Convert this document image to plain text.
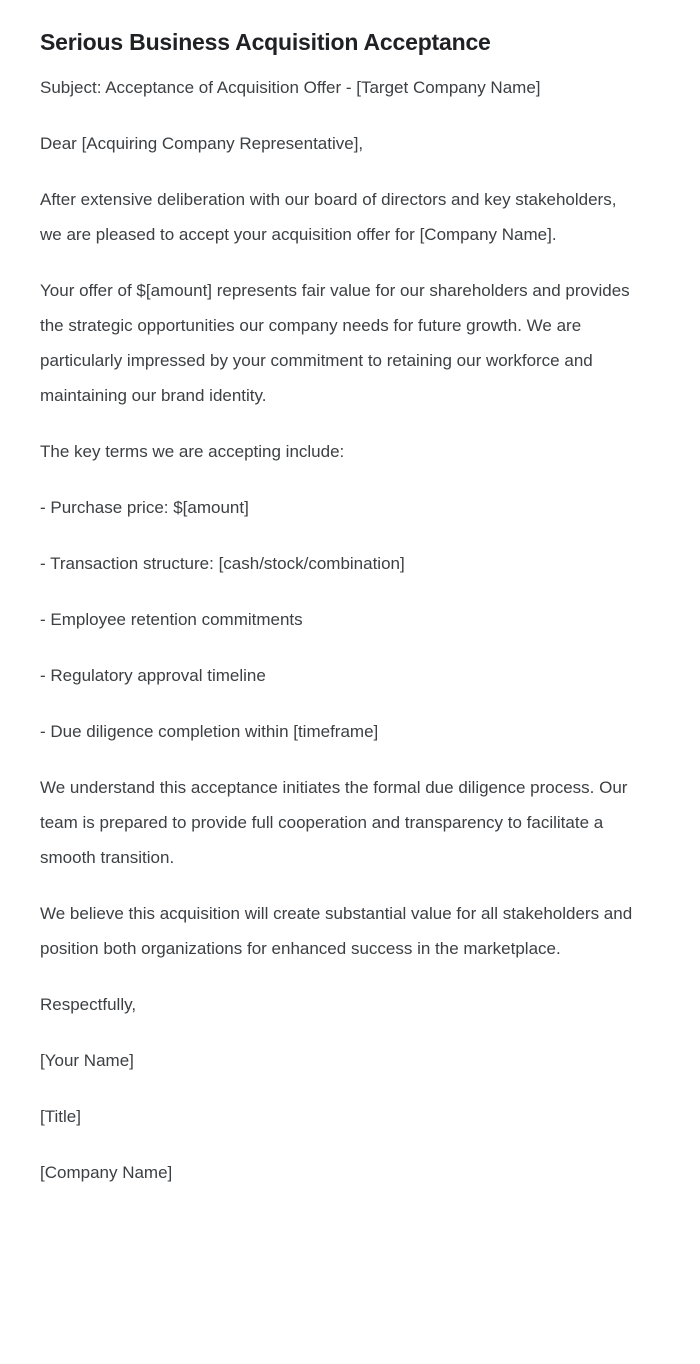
Serious Business Acquisition Acceptance

Subject: Acceptance of Acquisition Offer - [Target Company Name]

Dear [Acquiring Company Representative],

After extensive deliberation with our board of directors and key stakeholders, we are pleased to accept your acquisition offer for [Company Name].

Your offer of $[amount] represents fair value for our shareholders and provides the strategic opportunities our company needs for future growth. We are particularly impressed by your commitment to retaining our workforce and maintaining our brand identity.

The key terms we are accepting include:

- Purchase price: $[amount]

- Transaction structure: [cash/stock/combination]

- Employee retention commitments

- Regulatory approval timeline

- Due diligence completion within [timeframe]

We understand this acceptance initiates the formal due diligence process. Our team is prepared to provide full cooperation and transparency to facilitate a smooth transition.

We believe this acquisition will create substantial value for all stakeholders and position both organizations for enhanced success in the marketplace.

Respectfully,

[Your Name]

[Title]

[Company Name]
